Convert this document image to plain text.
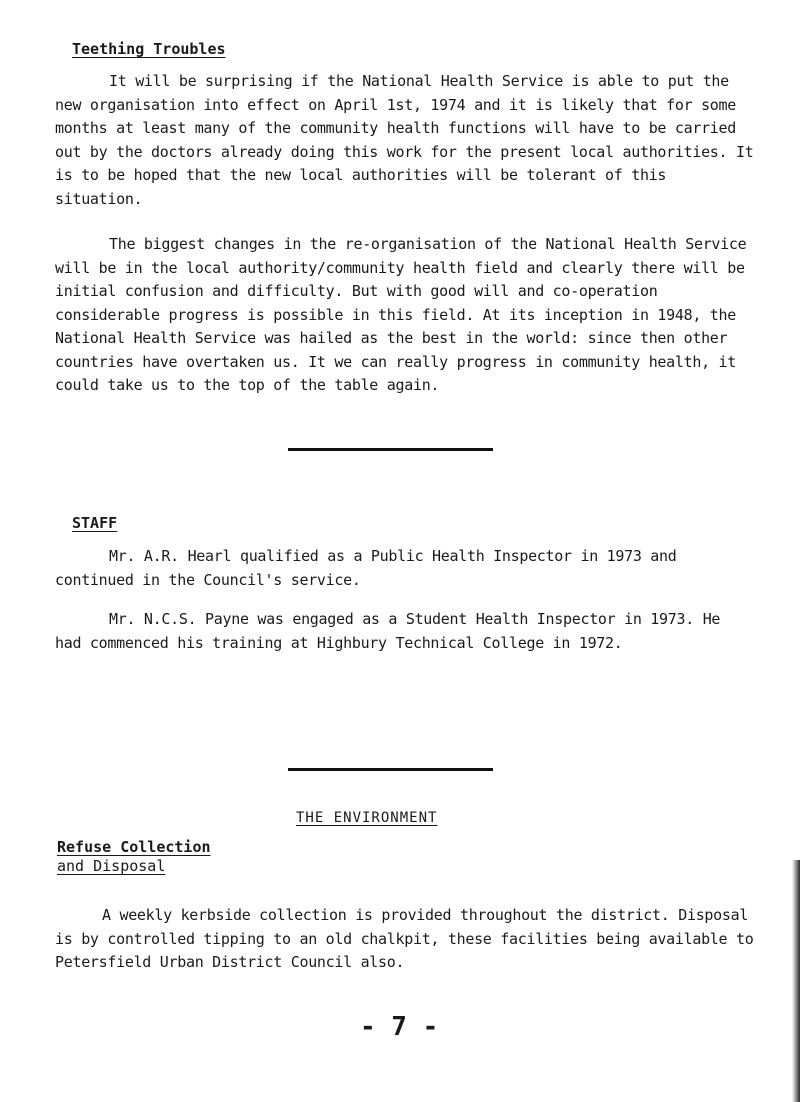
Teething Troubles

It will be surprising if the National Health Service is able to put the new organisation into effect on April 1st, 1974 and it is likely that for some months at least many of the community health functions will have to be carried out by the doctors already doing this work for the present local authorities. It is to be hoped that the new local authorities will be tolerant of this situation.

The biggest changes in the re-organisation of the National Health Service will be in the local authority/community health field and clearly there will be initial confusion and difficulty. But with good will and co-operation considerable progress is possible in this field. At its inception in 1948, the National Health Service was hailed as the best in the world: since then other countries have overtaken us. It we can really progress in community health, it could take us to the top of the table again.

STAFF

Mr. A.R. Hearl qualified as a Public Health Inspector in 1973 and continued in the Council's service.

Mr. N.C.S. Payne was engaged as a Student Health Inspector in 1973. He had commenced his training at Highbury Technical College in 1972.

THE ENVIRONMENT
Refuse Collection
and Disposal

A weekly kerbside collection is provided throughout the district. Disposal is by controlled tipping to an old chalkpit, these facilities being available to Petersfield Urban District Council also.

- 7 -
